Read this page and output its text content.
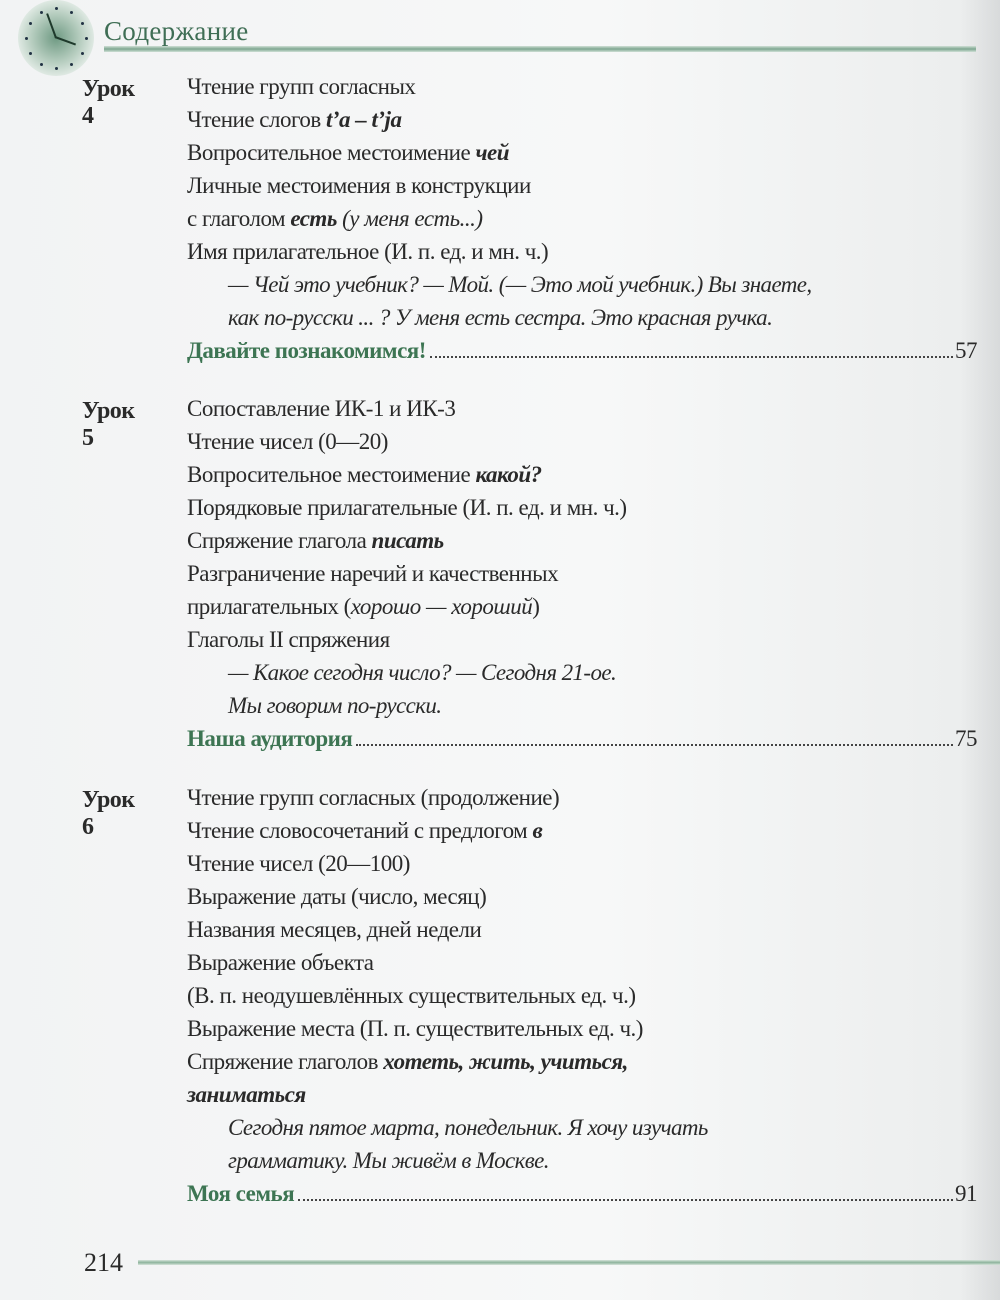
Содержание
Урок 4
Чтение групп согласных
Чтение слогов t’a – t’ja
Вопросительное местоимение чей
Личные местоимения в конструкции
с глаголом есть (у меня есть...)
Имя прилагательное (И. п. ед. и мн. ч.)
— Чей это учебник? — Мой. (— Это мой учебник.) Вы знаете,
как по-русски ... ? У меня есть сестра. Это красная ручка.
Давайте познакомимся!	57
Урок 5
Сопоставление ИК-1 и ИК-3
Чтение чисел (0—20)
Вопросительное местоимение какой?
Порядковые прилагательные (И. п. ед. и мн. ч.)
Спряжение глагола писать
Разграничение наречий и качественных
прилагательных (хорошо — хороший)
Глаголы II спряжения
— Какое сегодня число? — Сегодня 21-ое.
Мы говорим по-русски.
Наша аудитория	75
Урок 6
Чтение групп согласных (продолжение)
Чтение словосочетаний с предлогом в
Чтение чисел (20—100)
Выражение даты (число, месяц)
Названия месяцев, дней недели
Выражение объекта
(В. п. неодушевлённых существительных ед. ч.)
Выражение места (П. п. существительных ед. ч.)
Спряжение глаголов хотеть, жить, учиться,
заниматься
Сегодня пятое марта, понедельник. Я хочу изучать
грамматику. Мы живём в Москве.
Моя семья	91
214
